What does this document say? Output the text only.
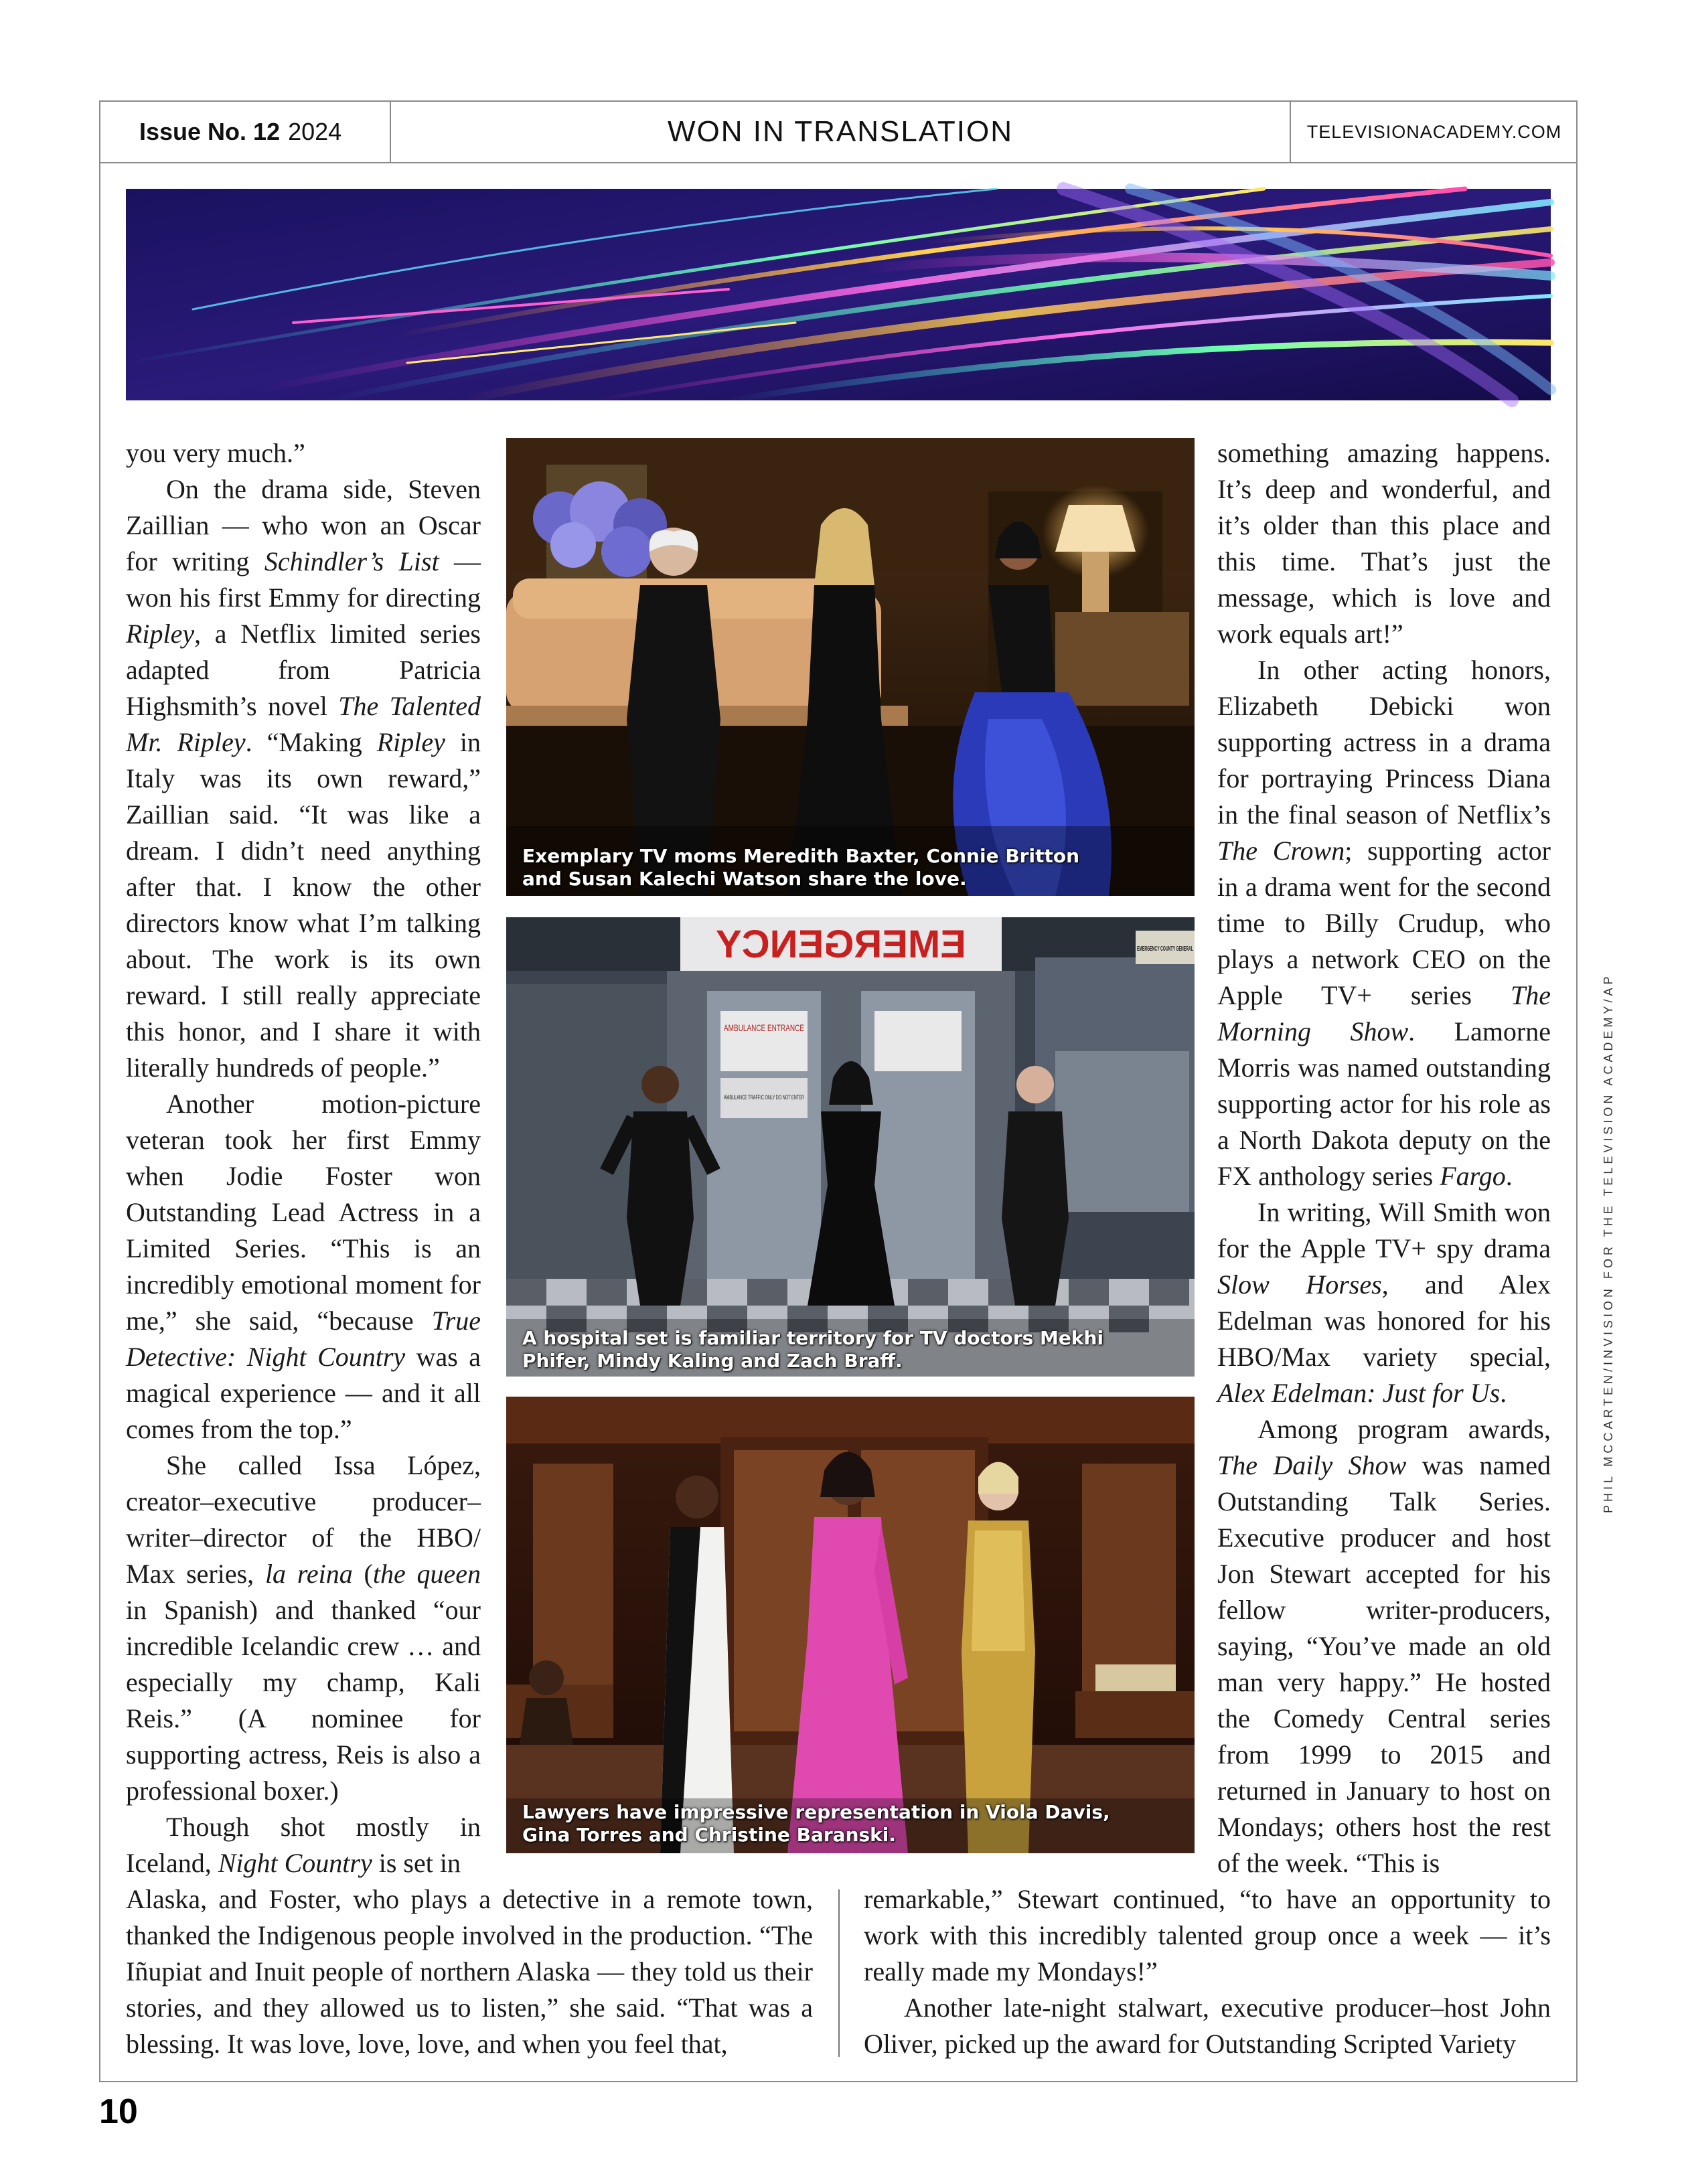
Issue No. 12 2024	WON IN TRANSLATION	TELEVISIONACADEMY.COM

you very much.”

On the drama side, Steven Zaillian — who won an Oscar for writing Schindler’s List — won his first Emmy for directing Ripley, a Netflix limited series adapted from Patricia Highsmith’s novel The Talented Mr. Ripley. “Making Ripley in Italy was its own reward,” Zaillian said. “It was like a dream. I didn’t need anything after that. I know the other directors know what I’m talking about. The work is its own reward. I still really appreciate this honor, and I share it with literally hundreds of people.”

Another motion-picture veteran took her first Emmy when Jodie Foster won Outstanding Lead Actress in a Limited Series. “This is an incredibly emotional moment for me,” she said, “because True Detective: Night Country was a magical experience — and it all comes from the top.”

She called Issa López, creator–executive producer–writer–director of the HBO/ Max series, la reina (the queen in Spanish) and thanked “our incredible Icelandic crew … and especially my champ, Kali Reis.” (A nominee for supporting actress, Reis is also a professional boxer.)

Though shot mostly in Iceland, Night Country is set in

Exemplary TV moms Meredith Baxter, Connie Britton and Susan Kalechi Watson share the love.
EMERGENCY
AMBULANCE ENTRANCE
AMBULANCE TRAFFIC ONLY DO NOT ENTER
EMERGENCY COUNTY GENERAL
A hospital set is familiar territory for TV doctors Mekhi Phifer, Mindy Kaling and Zach Braff.
Lawyers have impressive representation in Viola Davis, Gina Torres and Christine Baranski.

something amazing happens. It’s deep and wonderful, and it’s older than this place and this time. That’s just the message, which is love and work equals art!”

In other acting honors, Elizabeth Debicki won supporting actress in a drama for portraying Princess Diana in the final season of Netflix’s The Crown; supporting actor in a drama went for the second time to Billy Crudup, who plays a network CEO on the Apple TV+ series The Morning Show. Lamorne Morris was named outstanding supporting actor for his role as a North Dakota deputy on the FX anthology series Fargo.

In writing, Will Smith won for the Apple TV+ spy drama Slow Horses, and Alex Edelman was honored for his HBO/Max variety special, Alex Edelman: Just for Us.

Among program awards, The Daily Show was named Outstanding Talk Series. Executive producer and host Jon Stewart accepted for his fellow writer-producers, saying, “You’ve made an old man very happy.” He hosted the Comedy Central series from 1999 to 2015 and returned in January to host on Mondays; others host the rest of the week. “This is

Alaska, and Foster, who plays a detective in a remote town, thanked the Indigenous people involved in the production. “The Iñupiat and Inuit people of northern Alaska — they told us their stories, and they allowed us to listen,” she said. “That was a blessing. It was love, love, love, and when you feel that,

remarkable,” Stewart continued, “to have an opportunity to work with this incredibly talented group once a week — it’s really made my Mondays!”

Another late-night stalwart, executive producer–host John Oliver, picked up the award for Outstanding Scripted Variety

PHIL MCCARTEN/INVISION FOR THE TELEVISION ACADEMY/AP
10
